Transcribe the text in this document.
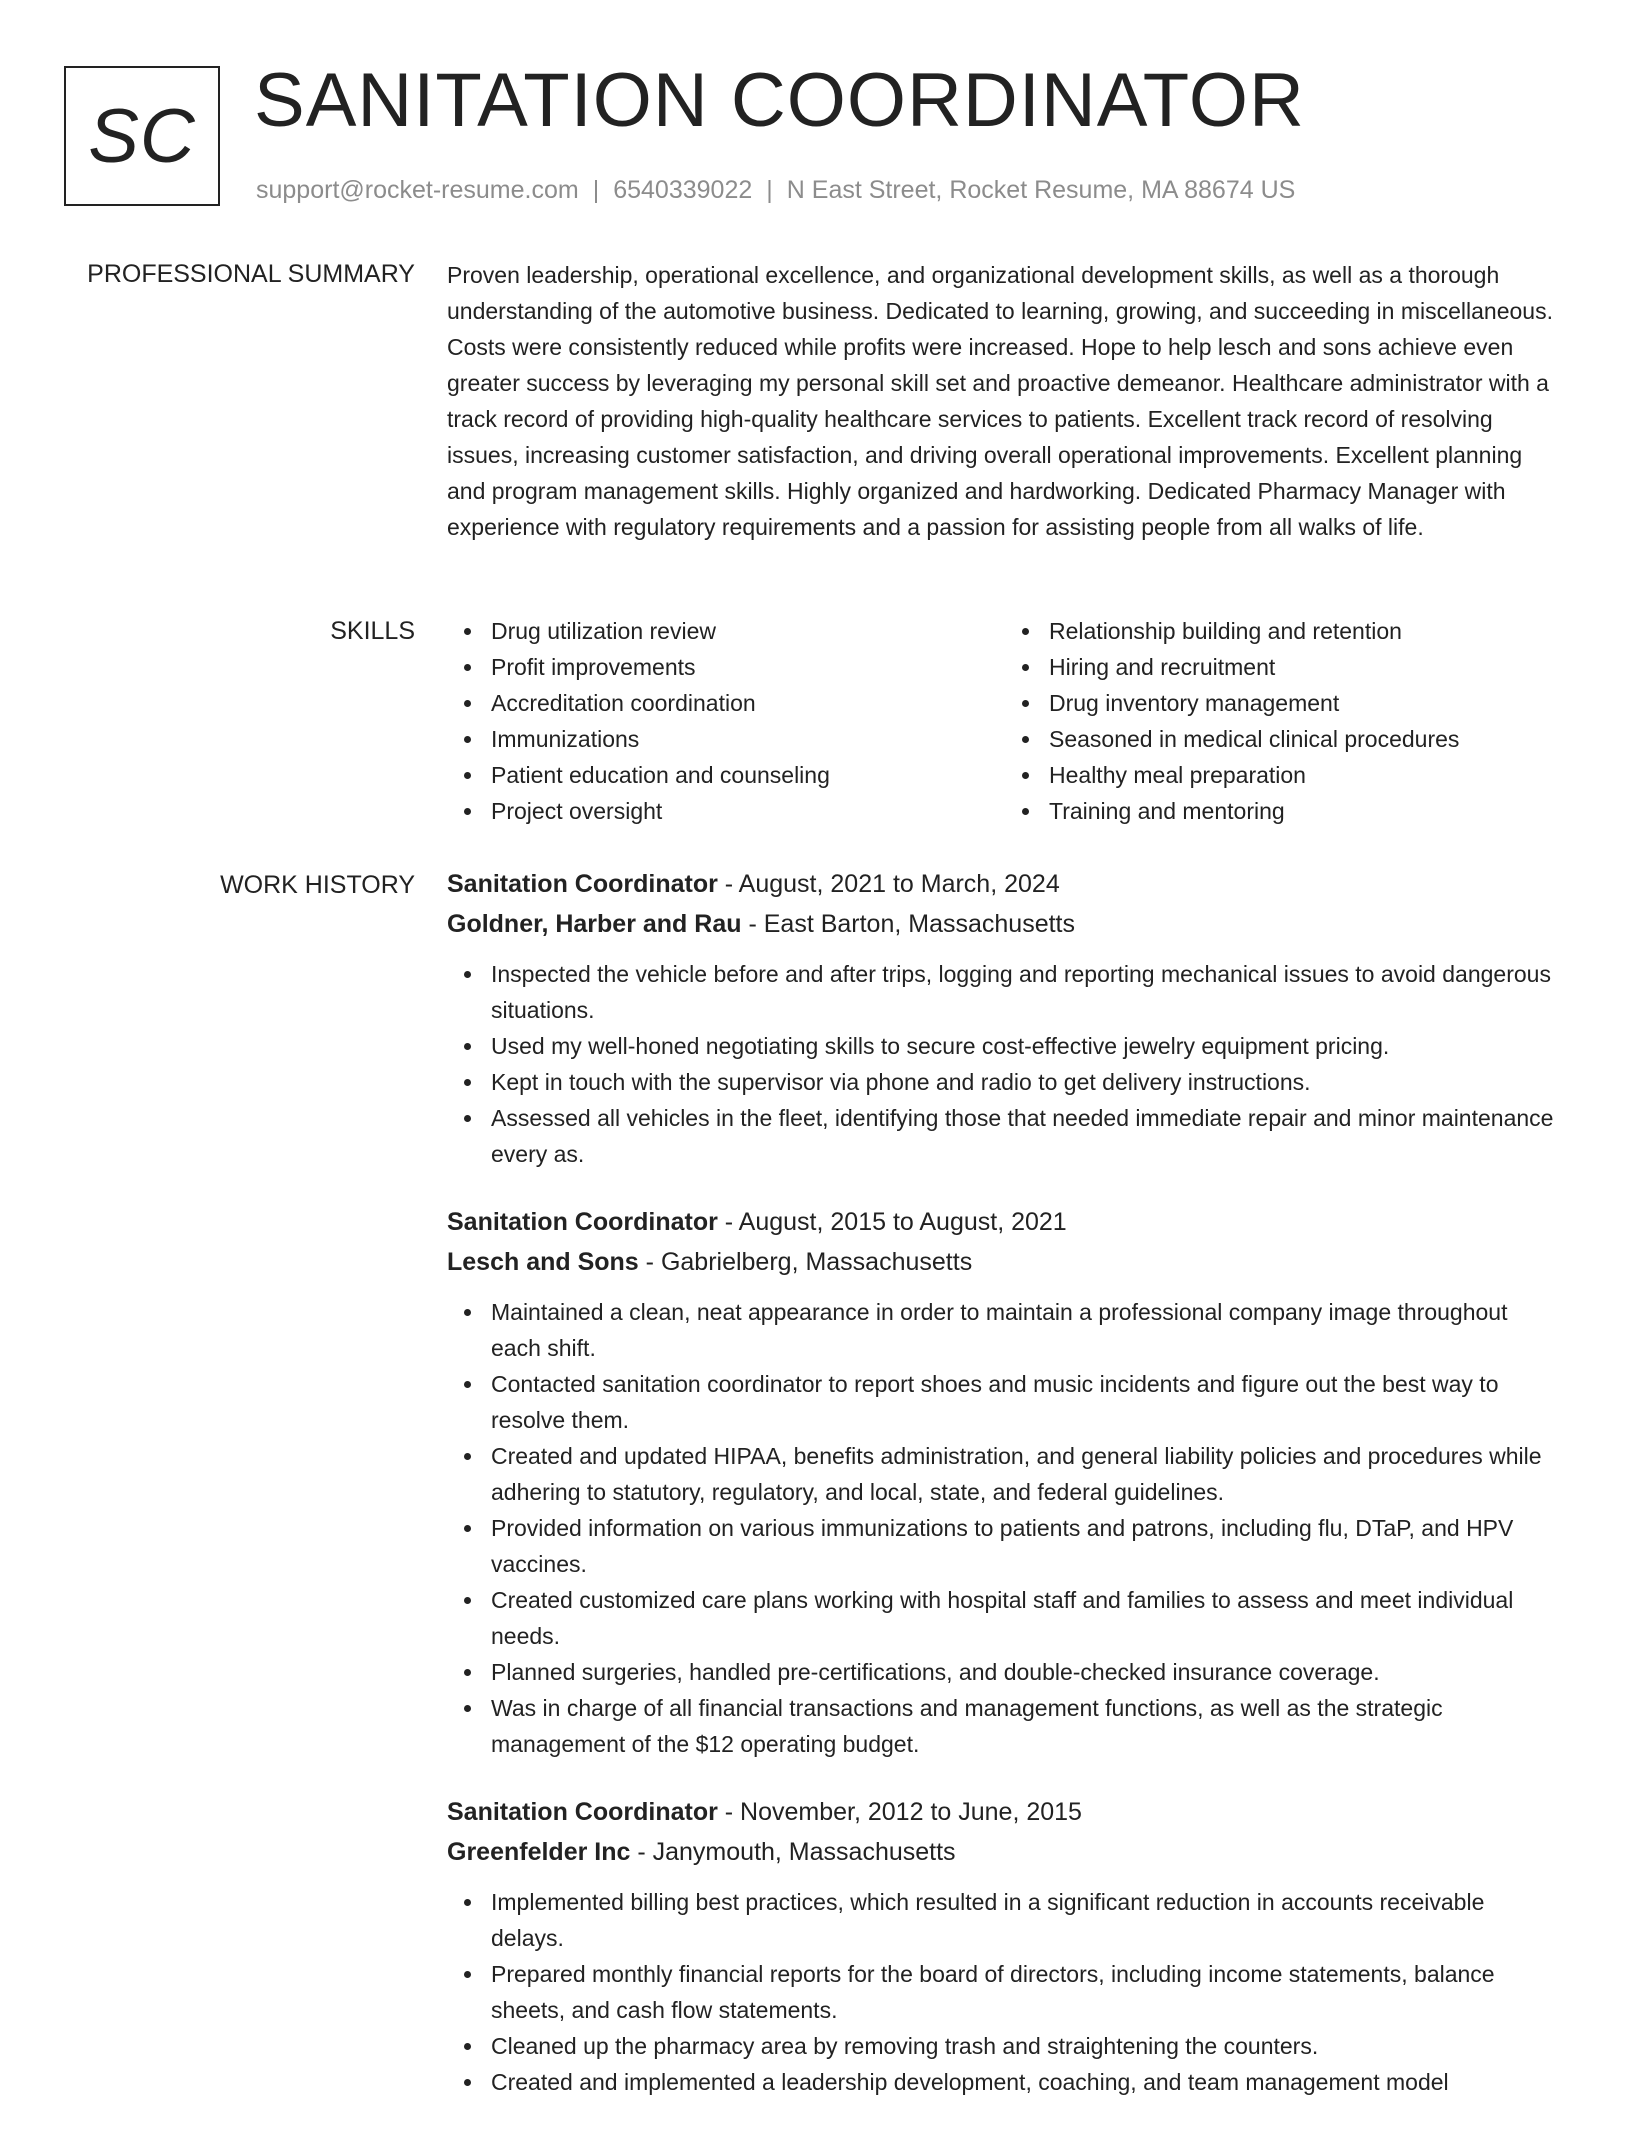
SC SANITATION COORDINATOR
support@rocket-resume.com | 6540339022 | N East Street, Rocket Resume, MA 88674 US
PROFESSIONAL SUMMARY Proven leadership, operational excellence, and organizational development skills, as well as a thorough understanding of the automotive business. Dedicated to learning, growing, and succeeding in miscellaneous. Costs were consistently reduced while profits were increased. Hope to help lesch and sons achieve even greater success by leveraging my personal skill set and proactive demeanor. Healthcare administrator with a track record of providing high-quality healthcare services to patients. Excellent track record of resolving issues, increasing customer satisfaction, and driving overall operational improvements. Excellent planning and program management skills. Highly organized and hardworking. Dedicated Pharmacy Manager with experience with regulatory requirements and a passion for assisting people from all walks of life.

SKILLS	Drug utilization review
Profit improvements
Accreditation coordination
Immunizations
Patient education and counseling
Project oversight
Relationship building and retention
Hiring and recruitment
Drug inventory management
Seasoned in medical clinical procedures
Healthy meal preparation
Training and mentoring
WORK HISTORY Sanitation Coordinator - August, 2021 to March, 2024
Goldner, Harber and Rau - East Barton, Massachusetts
Inspected the vehicle before and after trips, logging and reporting mechanical issues to avoid dangerous situations.
Used my well-honed negotiating skills to secure cost-effective jewelry equipment pricing.
Kept in touch with the supervisor via phone and radio to get delivery instructions.
Assessed all vehicles in the fleet, identifying those that needed immediate repair and minor maintenance every as.
Sanitation Coordinator - August, 2015 to August, 2021
Lesch and Sons - Gabrielberg, Massachusetts
Maintained a clean, neat appearance in order to maintain a professional company image throughout each shift.
Contacted sanitation coordinator to report shoes and music incidents and figure out the best way to resolve them.
Created and updated HIPAA, benefits administration, and general liability policies and procedures while adhering to statutory, regulatory, and local, state, and federal guidelines.
Provided information on various immunizations to patients and patrons, including flu, DTaP, and HPV vaccines.
Created customized care plans working with hospital staff and families to assess and meet individual needs.
Planned surgeries, handled pre-certifications, and double-checked insurance coverage.
Was in charge of all financial transactions and management functions, as well as the strategic management of the $12 operating budget.
Sanitation Coordinator - November, 2012 to June, 2015
Greenfelder Inc - Janymouth, Massachusetts
Implemented billing best practices, which resulted in a significant reduction in accounts receivable delays.
Prepared monthly financial reports for the board of directors, including income statements, balance sheets, and cash flow statements.
Cleaned up the pharmacy area by removing trash and straightening the counters.
Created and implemented a leadership development, coaching, and team management model
